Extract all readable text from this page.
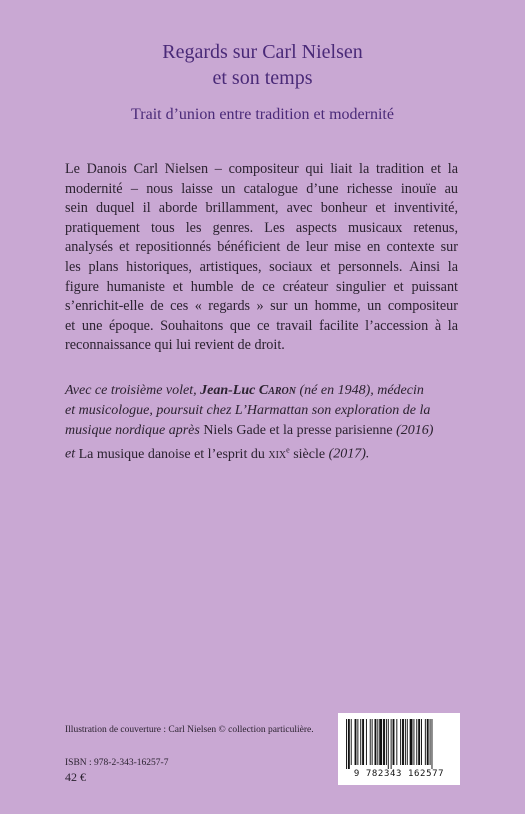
Regards sur Carl Nielsen
et son temps
Trait d’union entre tradition et modernité
Le Danois Carl Nielsen – compositeur qui liait la tradition et la
modernité – nous laisse un catalogue d’une richesse inouïe au
sein duquel il aborde brillamment, avec bonheur et inventivité,
pratiquement tous les genres. Les aspects musicaux retenus,
analysés et repositionnés bénéficient de leur mise en contexte sur
les plans historiques, artistiques, sociaux et personnels. Ainsi la
figure humaniste et humble de ce créateur singulier et puissant
s’enrichit-elle de ces « regards » sur un homme, un compositeur
et une époque. Souhaitons que ce travail facilite l’accession à la
reconnaissance qui lui revient de droit.
Avec ce troisième volet, Jean-Luc Caron (né en 1948), médecin
et musicologue, poursuit chez L’Harmattan son exploration de la
musique nordique après Niels Gade et la presse parisienne (2016)
et La musique danoise et l’esprit du xix$^e$ siècle (2017).
Illustration de couverture : Carl Nielsen © collection particulière.
ISBN : 978-2-343-16257-7
42 €	9 782343 162577
